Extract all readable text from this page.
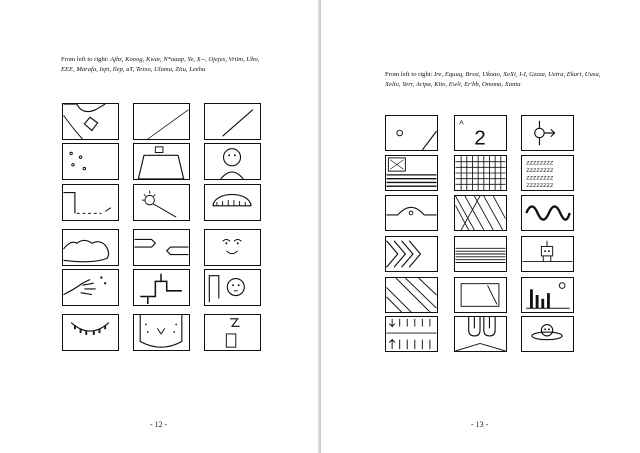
From left to right: Ajhz, Kooog, Kwar, N*aaap, Ye, X--, Ojejes, Vriim, Ubo, EEE, Marafa, Ispi, Ilep, aT, Texso, Ulama, Ziiu, Leeha

- 12 -

From left to right: Ire, Equuq, Brsst, Ukoao, XeXi, I-I, Gzzza, Uetra, Ekari, Uusu, Xelto, Yerr, Aripa, Kito, Ewli, Er'bb, Onoma, Xanta

A
2
ZZZZZZZZ
ZZZZZZZZ
ZZZZZZZZ
ZZZZZZZZ

- 13 -
